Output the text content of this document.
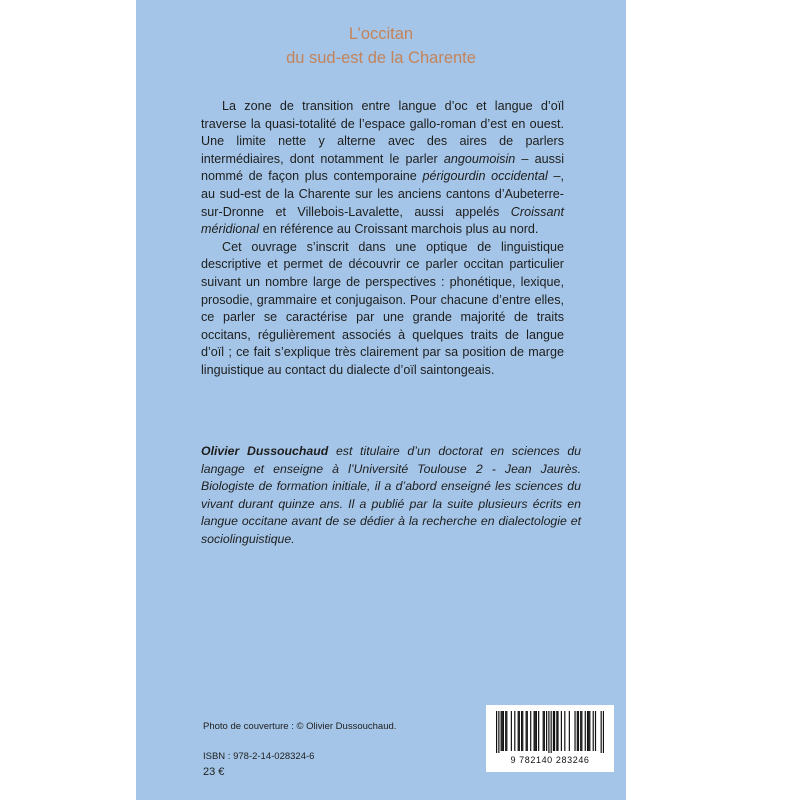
L’occitan
du sud-est de la Charente

La zone de transition entre langue d’oc et langue d’oïl traverse la quasi-totalité de l’espace gallo-roman d’est en ouest. Une limite nette y alterne avec des aires de parlers intermédiaires, dont notamment le parler angoumoisin – aussi nommé de façon plus contemporaine périgourdin occidental –, au sud-est de la Charente sur les anciens cantons d’Aubeterre-sur-Dronne et Villebois-Lavalette, aussi appelés Croissant méridional en référence au Croissant marchois plus au nord.

Cet ouvrage s’inscrit dans une optique de linguistique descriptive et permet de découvrir ce parler occitan particulier suivant un nombre large de perspectives : phonétique, lexique, prosodie, grammaire et conjugaison. Pour chacune d’entre elles, ce parler se caractérise par une grande majorité de traits occitans, régulièrement associés à quelques traits de langue d’oïl ; ce fait s’explique très clairement par sa position de marge linguistique au contact du dialecte d’oïl saintongeais.

Olivier Dussouchaud est titulaire d’un doctorat en sciences du langage et enseigne à l’Université Toulouse 2 - Jean Jaurès. Biologiste de formation initiale, il a d’abord enseigné les sciences du vivant durant quinze ans. Il a publié par la suite plusieurs écrits en langue occitane avant de se dédier à la recherche en dialectologie et sociolinguistique.
Photo de couverture : © Olivier Dussouchaud.
ISBN : 978-2-14-028324-6
23 €
9 782140 283246
